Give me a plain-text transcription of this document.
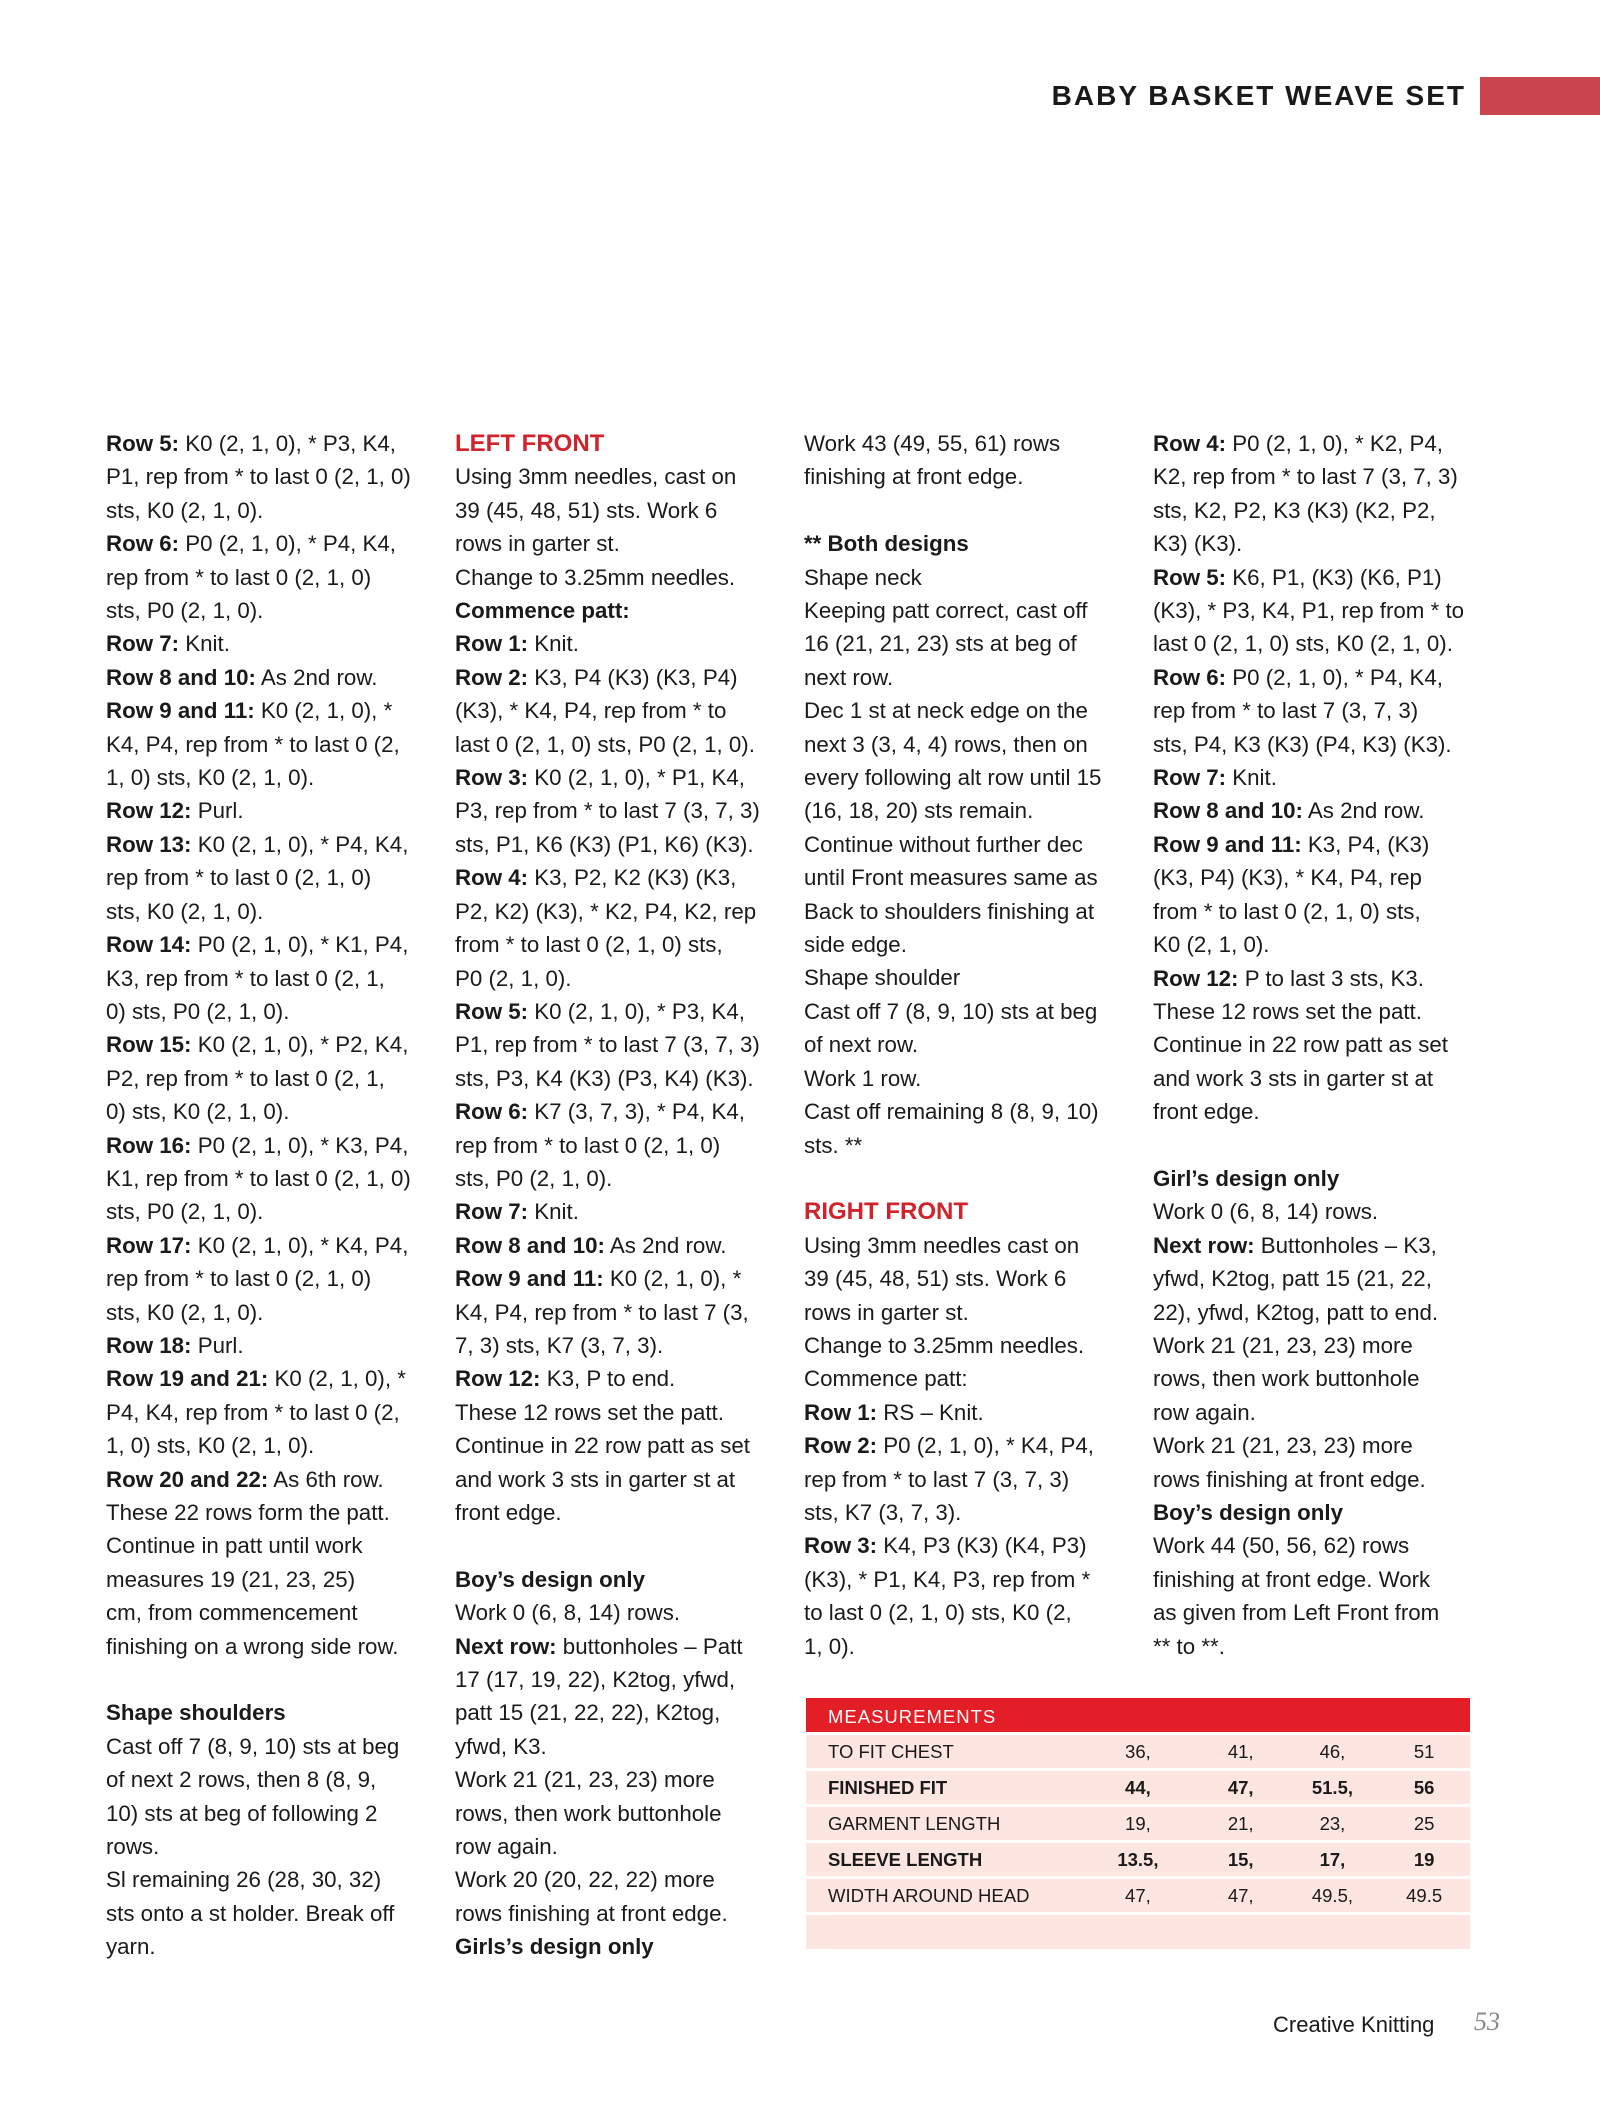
BABY BASKET WEAVE SET
Row 5: K0 (2, 1, 0), * P3, K4,
P1, rep from * to last 0 (2, 1, 0)
sts, K0 (2, 1, 0).
Row 6: P0 (2, 1, 0), * P4, K4,
rep from * to last 0 (2, 1, 0)
sts, P0 (2, 1, 0).
Row 7: Knit.
Row 8 and 10: As 2nd row.
Row 9 and 11: K0 (2, 1, 0), *
K4, P4, rep from * to last 0 (2,
1, 0) sts, K0 (2, 1, 0).
Row 12: Purl.
Row 13: K0 (2, 1, 0), * P4, K4,
rep from * to last 0 (2, 1, 0)
sts, K0 (2, 1, 0).
Row 14: P0 (2, 1, 0), * K1, P4,
K3, rep from * to last 0 (2, 1,
0) sts, P0 (2, 1, 0).
Row 15: K0 (2, 1, 0), * P2, K4,
P2, rep from * to last 0 (2, 1,
0) sts, K0 (2, 1, 0).
Row 16: P0 (2, 1, 0), * K3, P4,
K1, rep from * to last 0 (2, 1, 0)
sts, P0 (2, 1, 0).
Row 17: K0 (2, 1, 0), * K4, P4,
rep from * to last 0 (2, 1, 0)
sts, K0 (2, 1, 0).
Row 18: Purl.
Row 19 and 21: K0 (2, 1, 0), *
P4, K4, rep from * to last 0 (2,
1, 0) sts, K0 (2, 1, 0).
Row 20 and 22: As 6th row.
These 22 rows form the patt.
Continue in patt until work
measures 19 (21, 23, 25)
cm, from commencement
finishing on a wrong side row.
Shape shoulders
Cast off 7 (8, 9, 10) sts at beg
of next 2 rows, then 8 (8, 9,
10) sts at beg of following 2
rows.
Sl remaining 26 (28, 30, 32)
sts onto a st holder. Break off
yarn.
LEFT FRONT
Using 3mm needles, cast on
39 (45, 48, 51) sts. Work 6
rows in garter st.
Change to 3.25mm needles.
Commence patt:
Row 1: Knit.
Row 2: K3, P4 (K3) (K3, P4)
(K3), * K4, P4, rep from * to
last 0 (2, 1, 0) sts, P0 (2, 1, 0).
Row 3: K0 (2, 1, 0), * P1, K4,
P3, rep from * to last 7 (3, 7, 3)
sts, P1, K6 (K3) (P1, K6) (K3).
Row 4: K3, P2, K2 (K3) (K3,
P2, K2) (K3), * K2, P4, K2, rep
from * to last 0 (2, 1, 0) sts,
P0 (2, 1, 0).
Row 5: K0 (2, 1, 0), * P3, K4,
P1, rep from * to last 7 (3, 7, 3)
sts, P3, K4 (K3) (P3, K4) (K3).
Row 6: K7 (3, 7, 3), * P4, K4,
rep from * to last 0 (2, 1, 0)
sts, P0 (2, 1, 0).
Row 7: Knit.
Row 8 and 10: As 2nd row.
Row 9 and 11: K0 (2, 1, 0), *
K4, P4, rep from * to last 7 (3,
7, 3) sts, K7 (3, 7, 3).
Row 12: K3, P to end.
These 12 rows set the patt.
Continue in 22 row patt as set
and work 3 sts in garter st at
front edge.
Boy’s design only
Work 0 (6, 8, 14) rows.
Next row: buttonholes – Patt
17 (17, 19, 22), K2tog, yfwd,
patt 15 (21, 22, 22), K2tog,
yfwd, K3.
Work 21 (21, 23, 23) more
rows, then work buttonhole
row again.
Work 20 (20, 22, 22) more
rows finishing at front edge.
Girls’s design only
Work 43 (49, 55, 61) rows
finishing at front edge.
** Both designs
Shape neck
Keeping patt correct, cast off
16 (21, 21, 23) sts at beg of
next row.
Dec 1 st at neck edge on the
next 3 (3, 4, 4) rows, then on
every following alt row until 15
(16, 18, 20) sts remain.
Continue without further dec
until Front measures same as
Back to shoulders finishing at
side edge.
Shape shoulder
Cast off 7 (8, 9, 10) sts at beg
of next row.
Work 1 row.
Cast off remaining 8 (8, 9, 10)
sts. **
RIGHT FRONT
Using 3mm needles cast on
39 (45, 48, 51) sts. Work 6
rows in garter st.
Change to 3.25mm needles.
Commence patt:
Row 1: RS – Knit.
Row 2: P0 (2, 1, 0), * K4, P4,
rep from * to last 7 (3, 7, 3)
sts, K7 (3, 7, 3).
Row 3: K4, P3 (K3) (K4, P3)
(K3), * P1, K4, P3, rep from *
to last 0 (2, 1, 0) sts, K0 (2,
1, 0).
Row 4: P0 (2, 1, 0), * K2, P4,
K2, rep from * to last 7 (3, 7, 3)
sts, K2, P2, K3 (K3) (K2, P2,
K3) (K3).
Row 5: K6, P1, (K3) (K6, P1)
(K3), * P3, K4, P1, rep from * to
last 0 (2, 1, 0) sts, K0 (2, 1, 0).
Row 6: P0 (2, 1, 0), * P4, K4,
rep from * to last 7 (3, 7, 3)
sts, P4, K3 (K3) (P4, K3) (K3).
Row 7: Knit.
Row 8 and 10: As 2nd row.
Row 9 and 11: K3, P4, (K3)
(K3, P4) (K3), * K4, P4, rep
from * to last 0 (2, 1, 0) sts,
K0 (2, 1, 0).
Row 12: P to last 3 sts, K3.
These 12 rows set the patt.
Continue in 22 row patt as set
and work 3 sts in garter st at
front edge.
Girl’s design only
Work 0 (6, 8, 14) rows.
Next row: Buttonholes – K3,
yfwd, K2tog, patt 15 (21, 22,
22), yfwd, K2tog, patt to end.
Work 21 (21, 23, 23) more
rows, then work buttonhole
row again.
Work 21 (21, 23, 23) more
rows finishing at front edge.
Boy’s design only
Work 44 (50, 56, 62) rows
finishing at front edge. Work
as given from Left Front from
** to **.
MEASUREMENTS
TO FIT CHEST	36,	41,	46,	51
FINISHED FIT	44,	47,	51.5,	56
GARMENT LENGTH	19,	21,	23,	25
SLEEVE LENGTH	13.5,	15,	17,	19
WIDTH AROUND HEAD	47,	47,	49.5,	49.5
Creative Knitting 53
